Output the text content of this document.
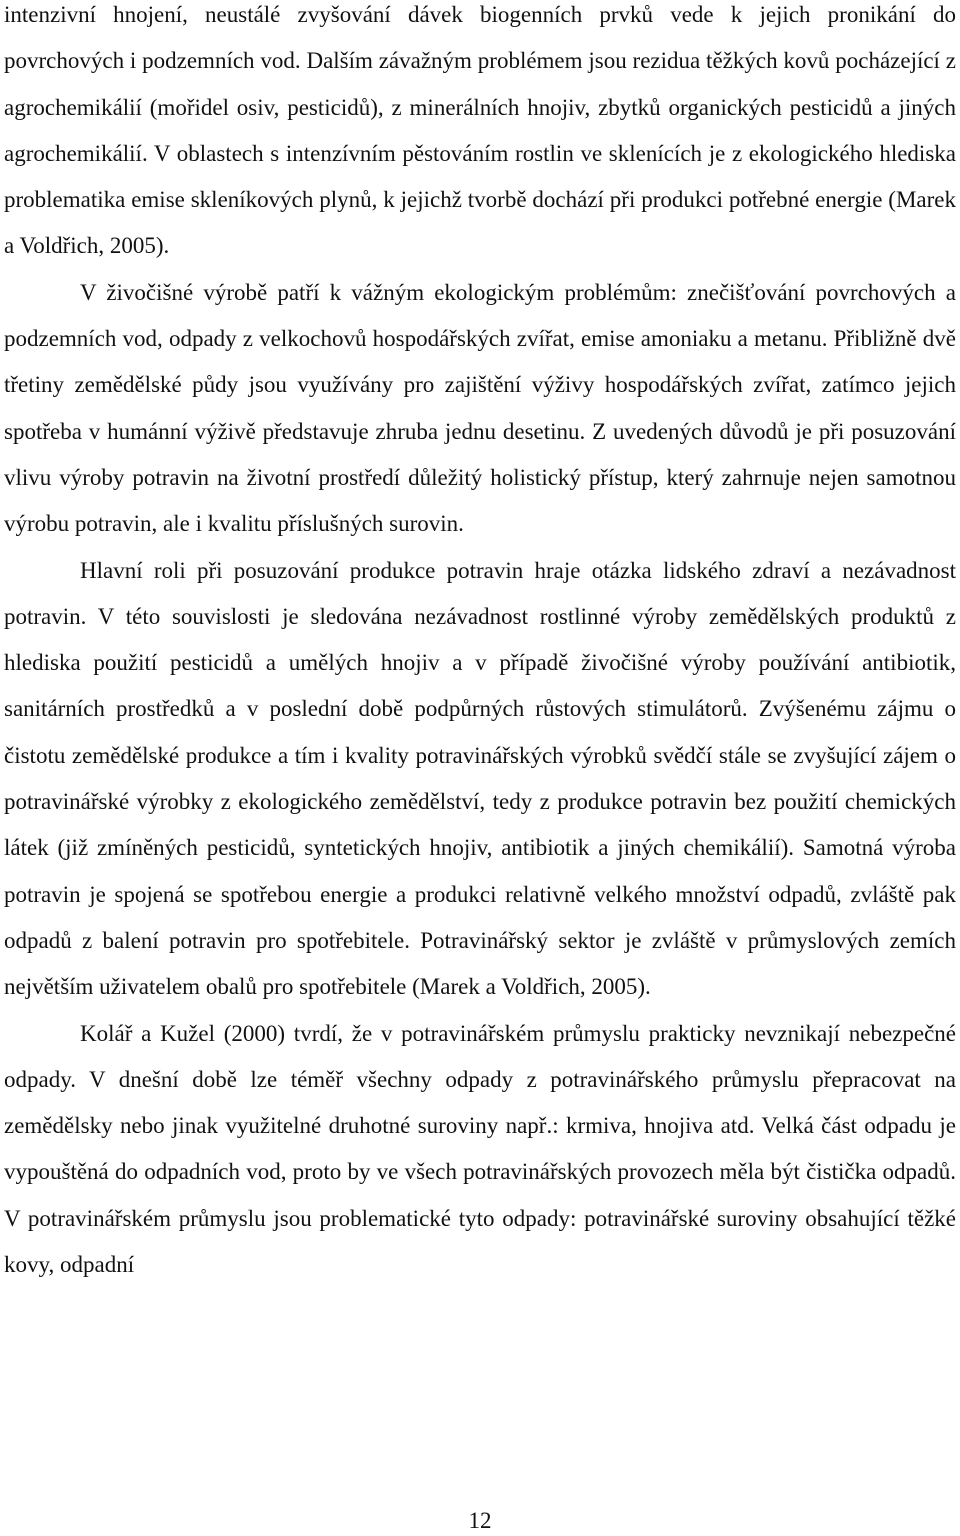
intenzivní hnojení, neustálé zvyšování dávek biogenních prvků vede k jejich pronikání do povrchových i podzemních vod. Dalším závažným problémem jsou rezidua těžkých kovů pocházející z agrochemikálií (mořidel osiv, pesticidů), z minerálních hnojiv, zbytků organických pesticidů a jiných agrochemikálií. V oblastech s intenzívním pěstováním rostlin ve sklenících je z ekologického hlediska problematika emise skleníkových plynů, k jejichž tvorbě dochází při produkci potřebné energie (Marek a Voldřich, 2005).

V živočišné výrobě patří k vážným ekologickým problémům: znečišťování povrchových a podzemních vod, odpady z velkochovů hospodářských zvířat, emise amoniaku a metanu. Přibližně dvě třetiny zemědělské půdy jsou využívány pro zajištění výživy hospodářských zvířat, zatímco jejich spotřeba v humánní výživě představuje zhruba jednu desetinu. Z uvedených důvodů je při posuzování vlivu výroby potravin na životní prostředí důležitý holistický přístup, který zahrnuje nejen samotnou výrobu potravin, ale i kvalitu příslušných surovin.

Hlavní roli při posuzování produkce potravin hraje otázka lidského zdraví a nezávadnost potravin. V této souvislosti je sledována nezávadnost rostlinné výroby zemědělských produktů z hlediska použití pesticidů a umělých hnojiv a v případě živočišné výroby používání antibiotik, sanitárních prostředků a v poslední době podpůrných růstových stimulátorů. Zvýšenému zájmu o čistotu zemědělské produkce a tím i kvality potravinářských výrobků svědčí stále se zvyšující zájem o potravinářské výrobky z ekologického zemědělství, tedy z produkce potravin bez použití chemických látek (již zmíněných pesticidů, syntetických hnojiv, antibiotik a jiných chemikálií). Samotná výroba potravin je spojená se spotřebou energie a produkci relativně velkého množství odpadů, zvláště pak odpadů z balení potravin pro spotřebitele. Potravinářský sektor je zvláště v průmyslových zemích největším uživatelem obalů pro spotřebitele (Marek a Voldřich, 2005).

Kolář a Kužel (2000) tvrdí, že v potravinářském průmyslu prakticky nevznikají nebezpečné odpady. V dnešní době lze téměř všechny odpady z potravinářského průmyslu přepracovat na zemědělsky nebo jinak využitelné druhotné suroviny např.: krmiva, hnojiva atd. Velká část odpadu je vypouštěná do odpadních vod, proto by ve všech potravinářských provozech měla být čistička odpadů. V potravinářském průmyslu jsou problematické tyto odpady: potravinářské suroviny obsahující těžké kovy, odpadní

12
